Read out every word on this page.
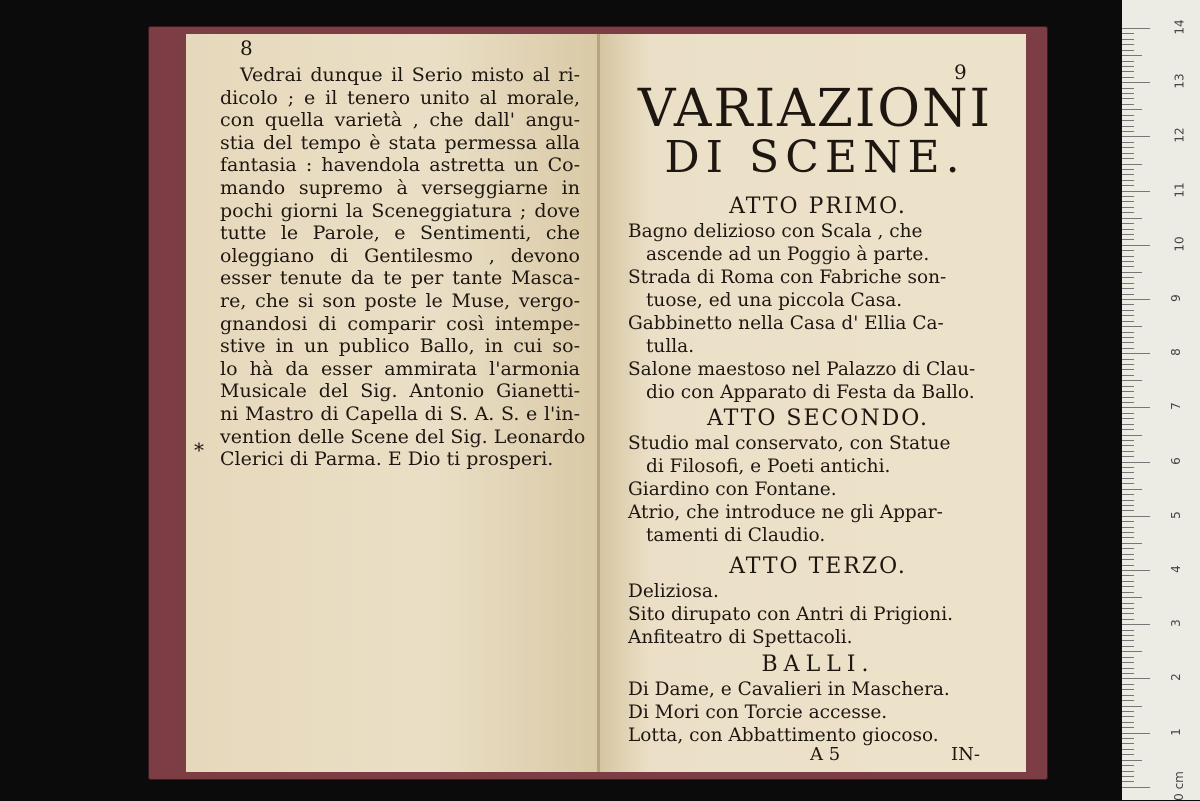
8
*
Vedrai dunque il Serio misto al ri-
dicolo ; e il tenero unito al morale,
con quella varietà , che dall' angu-
stia del tempo è stata permessa alla
fantasia : havendola astretta un Co-
mando supremo à verseggiarne in
pochi giorni la Sceneggiatura ; dove
tutte le Parole, e Sentimenti, che
oleggiano di Gentilesmo , devono
esser tenute da te per tante Masca-
re, che si son poste le Muse, vergo-
gnandosi di comparir così intempe-
stive in un publico Ballo, in cui so-
lo hà da esser ammirata l'armonia
Musicale del Sig. Antonio Gianetti-
ni Mastro di Capella di S. A. S. e l'in-
vention delle Scene del Sig. Leonardo
Clerici di Parma. E Dio ti prosperi.
9
VARIAZIONI
DI SCENE.
ATTO PRIMO.
Bagno delizioso con Scala , che
ascende ad un Poggio à parte.
Strada di Roma con Fabriche son-
tuose, ed una piccola Casa.
Gabbinetto nella Casa d' Ellia Ca-
tulla.
Salone maestoso nel Palazzo di Clau-
dio con Apparato di Festa da Ballo.
ATTO SECONDO.
Studio mal conservato, con Statue
di Filosofi, e Poeti antichi.
Giardino con Fontane.
Atrio, che introduce ne gli Appar-
tamenti di Claudio.
ATTO TERZO.
Deliziosa.
Sito dirupato con Antri di Prigioni.
Anfiteatro di Spettacoli.
BALLI.
Di Dame, e Cavalieri in Maschera.
Di Mori con Torcie accesse.
Lotta, con Abbattimento giocoso.
A 5	IN-
14
13
12
11
10
9
8
7
6
5
4
3
2
1
0 cm
